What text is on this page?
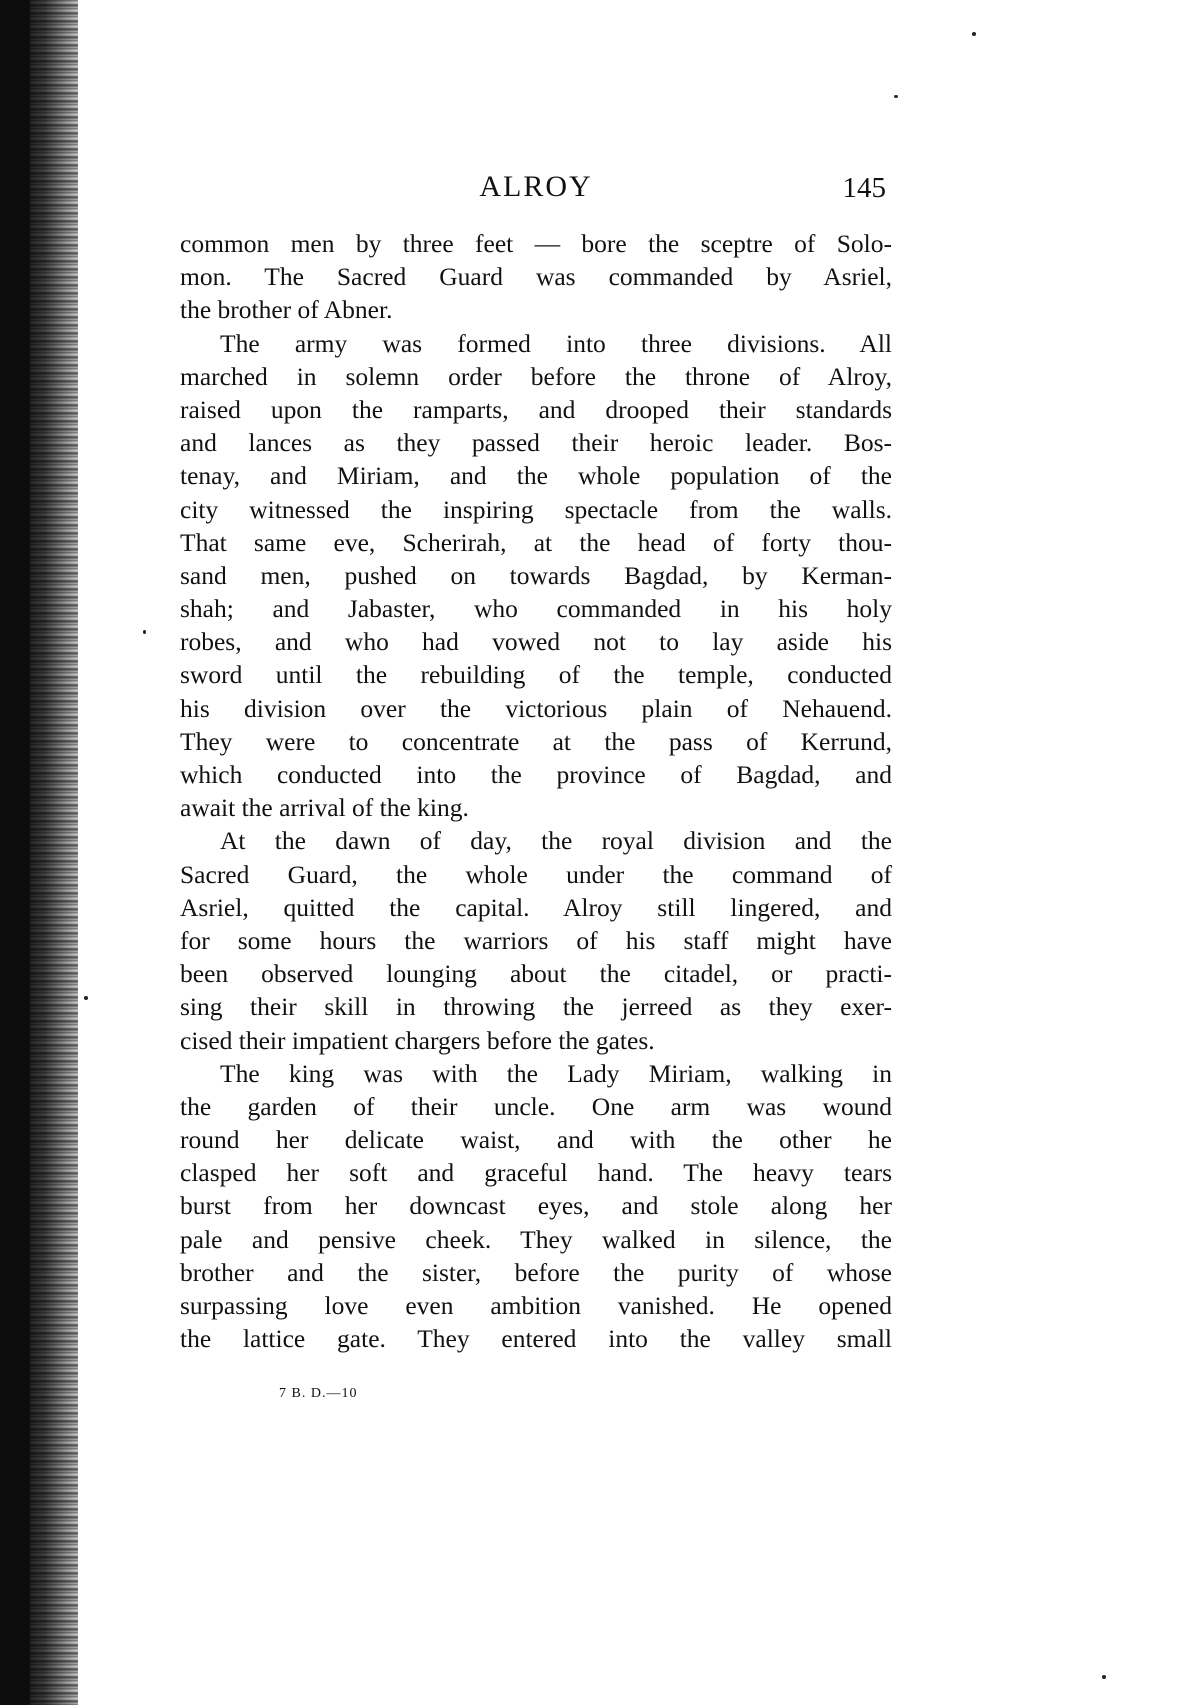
ALROY	145
common men by three feet — bore the sceptre of Solo-
mon. The Sacred Guard was commanded by Asriel,
the brother of Abner.
The army was formed into three divisions. All
marched in solemn order before the throne of Alroy,
raised upon the ramparts, and drooped their standards
and lances as they passed their heroic leader. Bos-
tenay, and Miriam, and the whole population of the
city witnessed the inspiring spectacle from the walls.
That same eve, Scherirah, at the head of forty thou-
sand men, pushed on towards Bagdad, by Kerman-
shah; and Jabaster, who commanded in his holy
robes, and who had vowed not to lay aside his
sword until the rebuilding of the temple, conducted
his division over the victorious plain of Nehauend.
They were to concentrate at the pass of Kerrund,
which conducted into the province of Bagdad, and
await the arrival of the king.
At the dawn of day, the royal division and the
Sacred Guard, the whole under the command of
Asriel, quitted the capital. Alroy still lingered, and
for some hours the warriors of his staff might have
been observed lounging about the citadel, or practi-
sing their skill in throwing the jerreed as they exer-
cised their impatient chargers before the gates.
The king was with the Lady Miriam, walking in
the garden of their uncle. One arm was wound
round her delicate waist, and with the other he
clasped her soft and graceful hand. The heavy tears
burst from her downcast eyes, and stole along her
pale and pensive cheek. They walked in silence, the
brother and the sister, before the purity of whose
surpassing love even ambition vanished. He opened
the lattice gate. They entered into the valley small
7 B. D.—10
